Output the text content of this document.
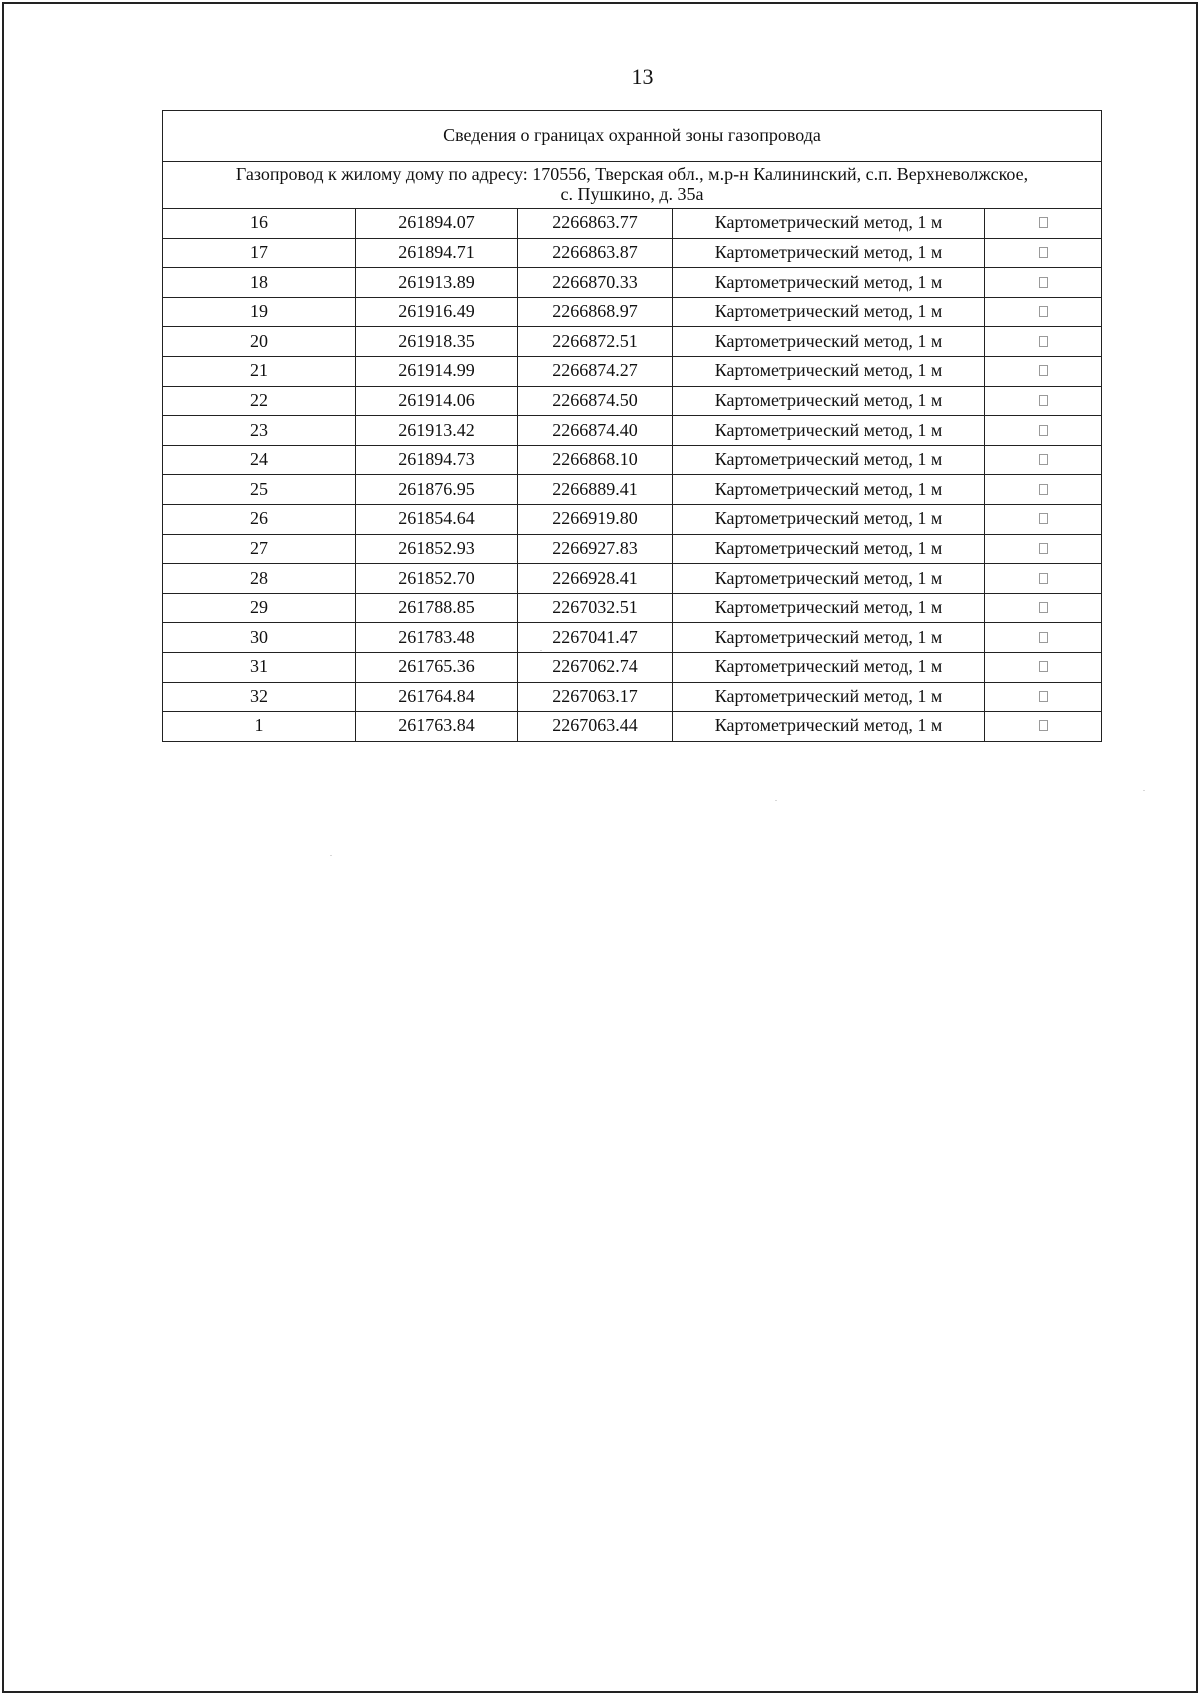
13
Сведения о границах охранной зоны газопровода				
Газопровод к жилому дому по адресу: 170556, Тверская обл., м.р-н Калининский, с.п. Верхневолжское,
с. Пушкино, д. 35а				
16	261894.07	2266863.77	Картометрический метод, 1 м	
17	261894.71	2266863.87	Картометрический метод, 1 м	
18	261913.89	2266870.33	Картометрический метод, 1 м	
19	261916.49	2266868.97	Картометрический метод, 1 м	
20	261918.35	2266872.51	Картометрический метод, 1 м	
21	261914.99	2266874.27	Картометрический метод, 1 м	
22	261914.06	2266874.50	Картометрический метод, 1 м	
23	261913.42	2266874.40	Картометрический метод, 1 м	
24	261894.73	2266868.10	Картометрический метод, 1 м	
25	261876.95	2266889.41	Картометрический метод, 1 м	
26	261854.64	2266919.80	Картометрический метод, 1 м	
27	261852.93	2266927.83	Картометрический метод, 1 м	
28	261852.70	2266928.41	Картометрический метод, 1 м	
29	261788.85	2267032.51	Картометрический метод, 1 м	
30	261783.48	2267041.47	Картометрический метод, 1 м	
31	261765.36	2267062.74	Картометрический метод, 1 м	
32	261764.84	2267063.17	Картометрический метод, 1 м	
1	261763.84	2267063.44	Картометрический метод, 1 м	
